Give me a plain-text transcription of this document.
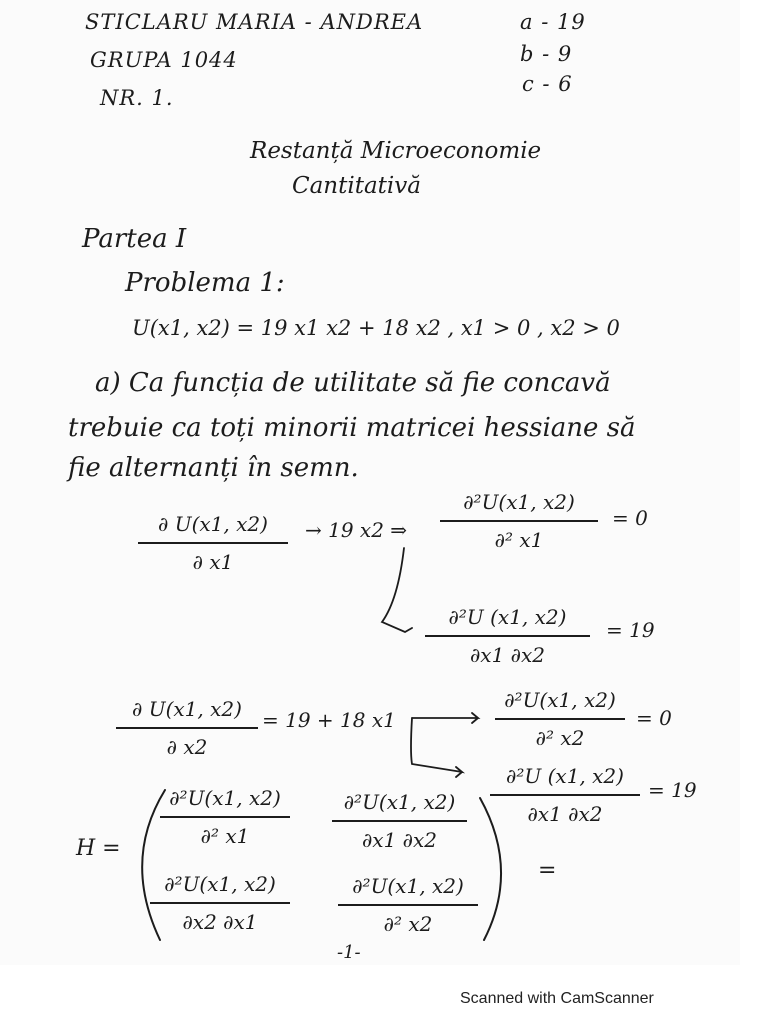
STICLARU MARIA - ANDREA
GRUPA 1044
NR. 1.
a - 19
b - 9
c - 6
Restanță Microeconomie
Cantitativă
Partea I
Problema 1:
U(x1, x2) = 19 x1 x2 + 18 x2 , x1 > 0 , x2 > 0
a) Ca funcția de utilitate să fie concavă
trebuie ca toți minorii matricei hessiane să
fie alternanți în semn.
∂ U(x1, x2)
∂ x1
→ 19 x2 ⇒
∂²U(x1, x2)
∂² x1
= 0
∂²U (x1, x2)
∂x1 ∂x2
= 19
∂ U(x1, x2)
∂ x2
= 19 + 18 x1
∂²U(x1, x2)
∂² x2
= 0
∂²U (x1, x2)
∂x1 ∂x2
= 19
H =
∂²U(x1, x2)
∂² x1
∂²U(x1, x2)
∂x1 ∂x2
∂²U(x1, x2)
∂x2 ∂x1
∂²U(x1, x2)
∂² x2
=
-1-
Scanned with CamScanner
